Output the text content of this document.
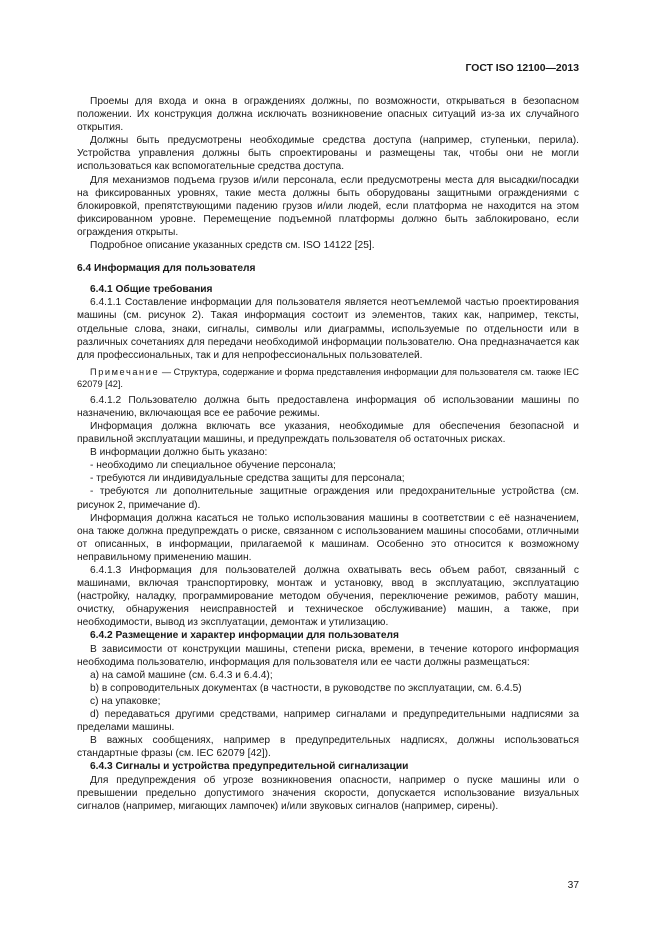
ГОСТ ISO 12100—2013

Проемы для входа и окна в ограждениях должны, по возможности, открываться в безопасном положении. Их конструкция должна исключать возникновение опасных ситуаций из-за их случайного открытия.

Должны быть предусмотрены необходимые средства доступа (например, ступеньки, перила). Устройства управления должны быть спроектированы и размещены так, чтобы они не могли использоваться как вспомогательные средства доступа.

Для механизмов подъема грузов и/или персонала, если предусмотрены места для высадки/посадки на фиксированных уровнях, такие места должны быть оборудованы защитными ограждениями с блокировкой, препятствующими падению грузов и/или людей, если платформа не находится на этом фиксированном уровне. Перемещение подъемной платформы должно быть заблокировано, если ограждения открыты.

Подробное описание указанных средств см. ISO 14122 [25].

6.4 Информация для пользователя

6.4.1 Общие требования

6.4.1.1 Составление информации для пользователя является неотъемлемой частью проектирования машины (см. рисунок 2). Такая информация состоит из элементов, таких как, например, тексты, отдельные слова, знаки, сигналы, символы или диаграммы, используемые по отдельности или в различных сочетаниях для передачи необходимой информации пользователю. Она предназначается как для профессиональных, так и для непрофессиональных пользователей.

Примечание — Структура, содержание и форма представления информации для пользователя см. также IEC 62079 [42].

6.4.1.2 Пользователю должна быть предоставлена информация об использовании машины по назначению, включающая все ее рабочие режимы.

Информация должна включать все указания, необходимые для обеспечения безопасной и правильной эксплуатации машины, и предупреждать пользователя об остаточных рисках.

В информации должно быть указано:

- необходимо ли специальное обучение персонала;

- требуются ли индивидуальные средства защиты для персонала;

- требуются ли дополнительные защитные ограждения или предохранительные устройства (см. рисунок 2, примечание d).

Информация должна касаться не только использования машины в соответствии с её назначением, она также должна предупреждать о риске, связанном с использованием машины способами, отличными от описанных, в информации, прилагаемой к машинам. Особенно это относится к возможному неправильному применению машин.

6.4.1.3 Информация для пользователей должна охватывать весь объем работ, связанный с машинами, включая транспортировку, монтаж и установку, ввод в эксплуатацию, эксплуатацию (настройку, наладку, программирование методом обучения, переключение режимов, работу машин, очистку, обнаружения неисправностей и техническое обслуживание) машин, а также, при необходимости, вывод из эксплуатации, демонтаж и утилизацию.

6.4.2 Размещение и характер информации для пользователя

В зависимости от конструкции машины, степени риска, времени, в течение которого информация необходима пользователю, информация для пользователя или ее части должны размещаться:

а) на самой машине (см. 6.4.3 и 6.4.4);

b) в сопроводительных документах (в частности, в руководстве по эксплуатации, см. 6.4.5)

c) на упаковке;

d) передаваться другими средствами, например сигналами и предупредительными надписями за пределами машины.

В важных сообщениях, например в предупредительных надписях, должны использоваться стандартные фразы (см. IEC 62079 [42]).

6.4.3 Сигналы и устройства предупредительной сигнализации

Для предупреждения об угрозе возникновения опасности, например о пуске машины или о превышении предельно допустимого значения скорости, допускается использование визуальных сигналов (например, мигающих лампочек) и/или звуковых сигналов (например, сирены).

37
